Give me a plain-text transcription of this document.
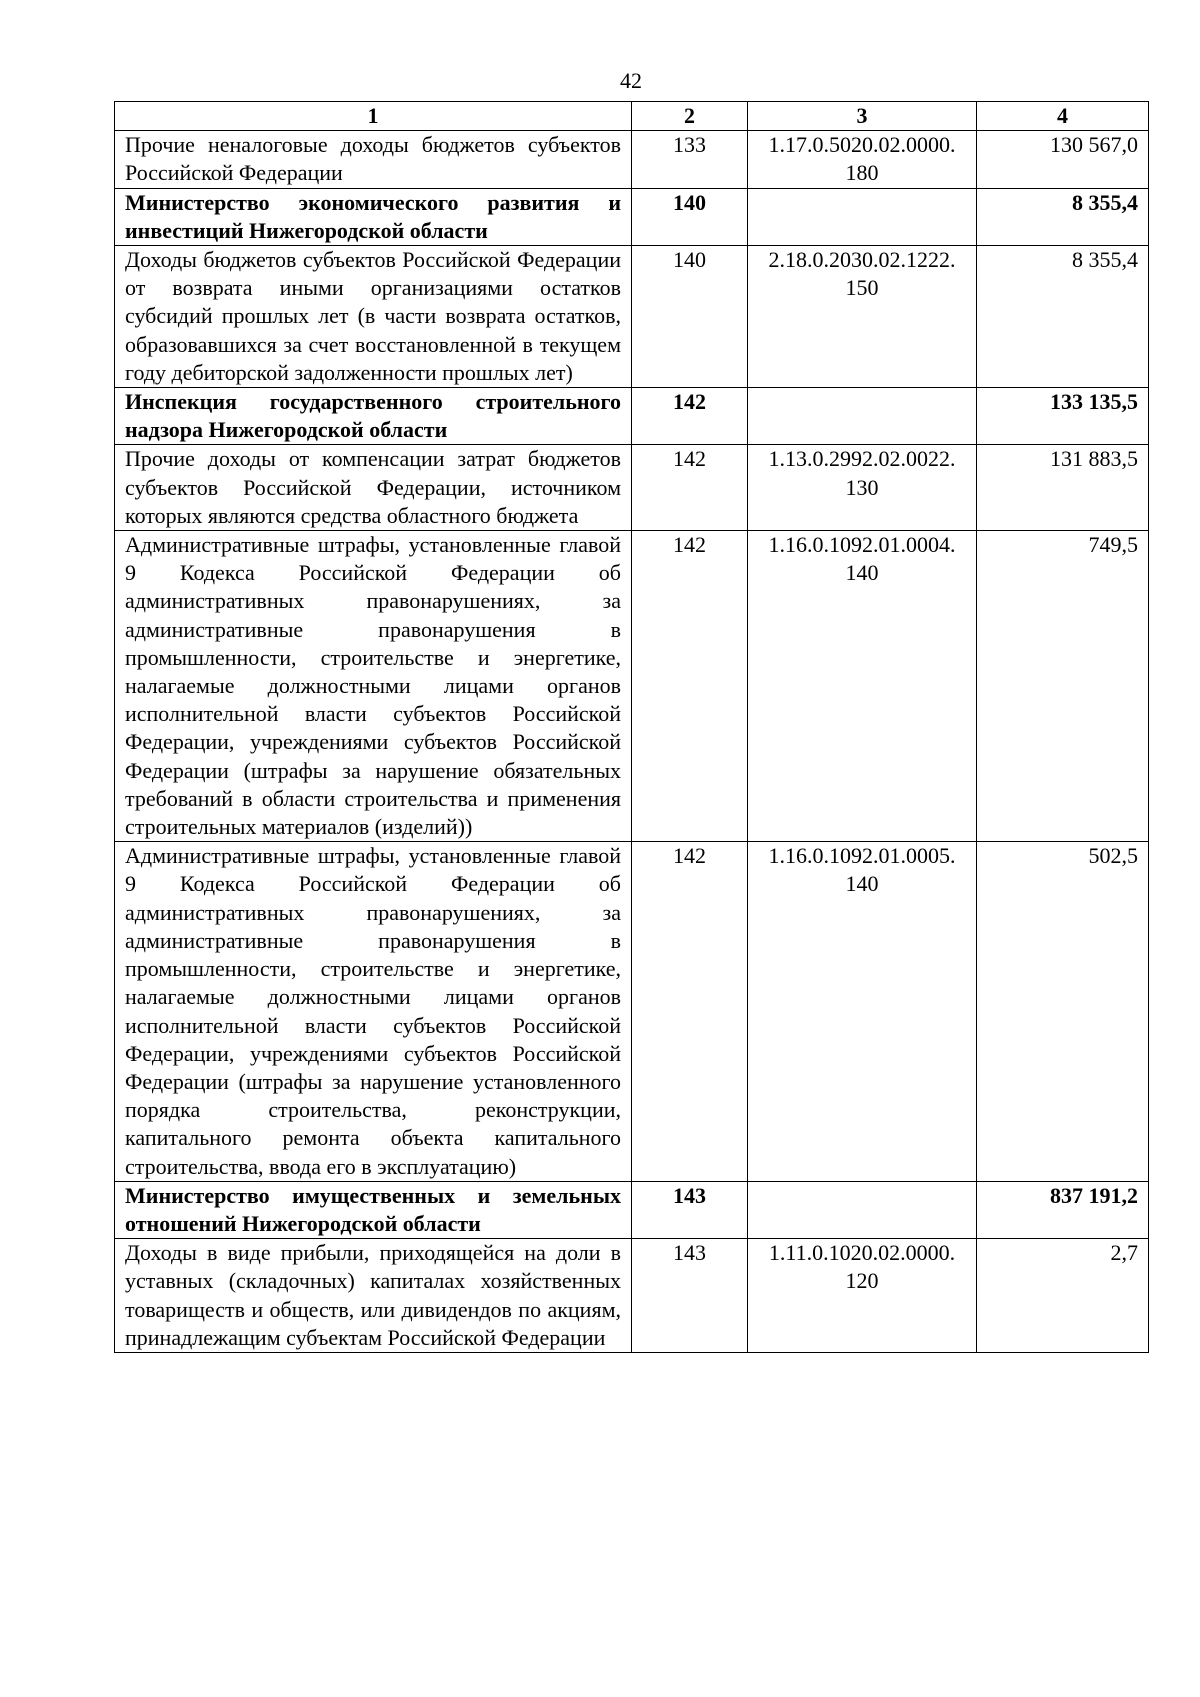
42
1	2	3	4
Прочие неналоговые доходы бюджетов субъектов Российской Федерации	133	1.17.0.5020.02.0000. 180	130 567,0
Министерство экономического развития и инвестиций Нижегородской области	140		8 355,4
Доходы бюджетов субъектов Российской Федерации от возврата иными организациями остатков субсидий прошлых лет (в части возврата остатков, образовавшихся за счет восстановленной в текущем году дебиторской задолженности прошлых лет)	140	2.18.0.2030.02.1222. 150	8 355,4
Инспекция государственного строительного надзора Нижегородской области	142		133 135,5
Прочие доходы от компенсации затрат бюджетов субъектов Российской Федерации, источником которых являются средства областного бюджета	142	1.13.0.2992.02.0022. 130	131 883,5
Административные штрафы, установленные главой 9 Кодекса Российской Федерации об административных правонарушениях, за административные правонарушения в промышленности, строительстве и энергетике, налагаемые должностными лицами органов исполнительной власти субъектов Российской Федерации, учреждениями субъектов Российской Федерации (штрафы за нарушение обязательных требований в области строительства и применения строительных материалов (изделий))	142	1.16.0.1092.01.0004. 140	749,5
Административные штрафы, установленные главой 9 Кодекса Российской Федерации об административных правонарушениях, за административные правонарушения в промышленности, строительстве и энергетике, налагаемые должностными лицами органов исполнительной власти субъектов Российской Федерации, учреждениями субъектов Российской Федерации (штрафы за нарушение установленного порядка строительства, реконструкции, капитального ремонта объекта капитального строительства, ввода его в эксплуатацию)	142	1.16.0.1092.01.0005. 140	502,5
Министерство имущественных и земельных отношений Нижегородской области	143		837 191,2
Доходы в виде прибыли, приходящейся на доли в уставных (складочных) капиталах хозяйственных товариществ и обществ, или дивидендов по акциям, принадлежащим субъектам Российской Федерации	143	1.11.0.1020.02.0000. 120	2,7
